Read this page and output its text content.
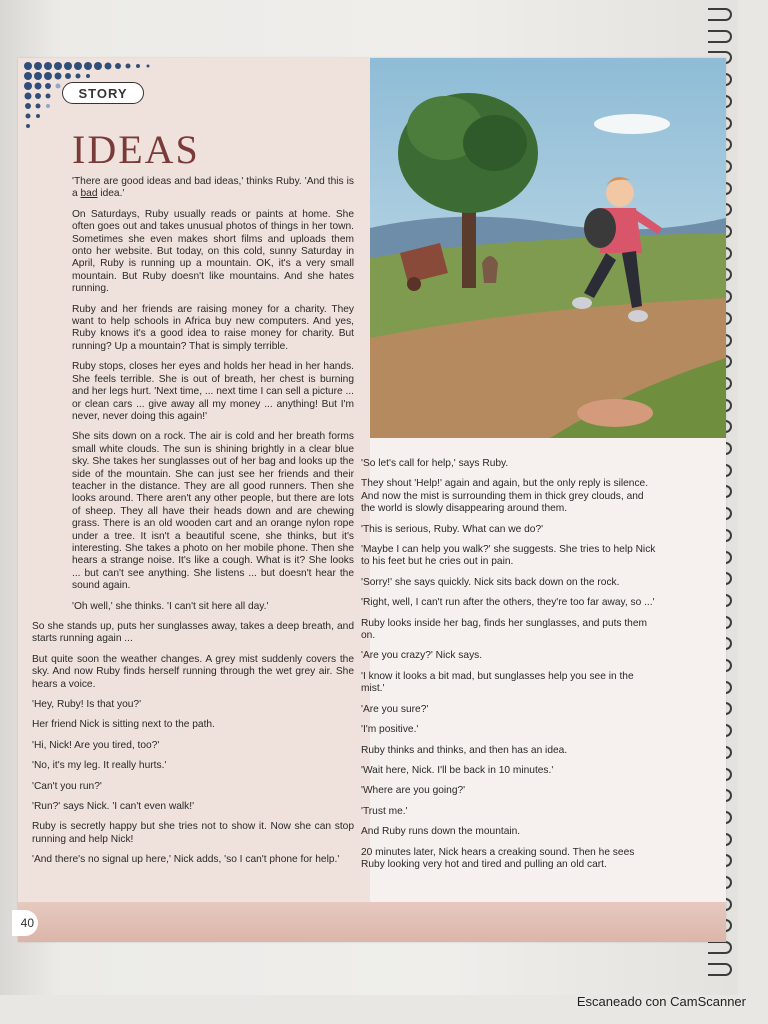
STORY
IDEAS

'There are good ideas and bad ideas,' thinks Ruby. 'And this is a bad idea.'

On Saturdays, Ruby usually reads or paints at home. She often goes out and takes unusual photos of things in her town. Sometimes she even makes short films and uploads them onto her website. But today, on this cold, sunny Saturday in April, Ruby is running up a mountain. OK, it's a very small mountain. But Ruby doesn't like mountains. And she hates running.

Ruby and her friends are raising money for a charity. They want to help schools in Africa buy new computers. And yes, Ruby knows it's a good idea to raise money for charity. But running? Up a mountain? That is simply terrible.

Ruby stops, closes her eyes and holds her head in her hands. She feels terrible. She is out of breath, her chest is burning and her legs hurt. 'Next time, ... next time I can sell a picture ... or clean cars ... give away all my money ... anything! But I'm never, never doing this again!'

She sits down on a rock. The air is cold and her breath forms small white clouds. The sun is shining brightly in a clear blue sky. She takes her sunglasses out of her bag and looks up the side of the mountain. She can just see her friends and their teacher in the distance. They are all good runners. Then she looks around. There aren't any other people, but there are lots of sheep. They all have their heads down and are chewing grass. There is an old wooden cart and an orange nylon rope under a tree. It isn't a beautiful scene, she thinks, but it's interesting. She takes a photo on her mobile phone. Then she hears a strange noise. It's like a cough. What is it? She looks ... but can't see anything. She listens ... but doesn't hear the sound again.

'Oh well,' she thinks. 'I can't sit here all day.'

So she stands up, puts her sunglasses away, takes a deep breath, and starts running again ...

But quite soon the weather changes. A grey mist suddenly covers the sky. And now Ruby finds herself running through the wet grey air. She hears a voice.

'Hey, Ruby! Is that you?'

Her friend Nick is sitting next to the path.

'Hi, Nick! Are you tired, too?'

'No, it's my leg. It really hurts.'

'Can't you run?'

'Run?' says Nick. 'I can't even walk!'

Ruby is secretly happy but she tries not to show it. Now she can stop running and help Nick!

'And there's no signal up here,' Nick adds, 'so I can't phone for help.'

'So let's call for help,' says Ruby.

They shout 'Help!' again and again, but the only reply is silence. And now the mist is surrounding them in thick grey clouds, and the world is slowly disappearing around them.

'This is serious, Ruby. What can we do?'

'Maybe I can help you walk?' she suggests. She tries to help Nick to his feet but he cries out in pain.

'Sorry!' she says quickly. Nick sits back down on the rock.

'Right, well, I can't run after the others, they're too far away, so ...'

Ruby looks inside her bag, finds her sunglasses, and puts them on.

'Are you crazy?' Nick says.

'I know it looks a bit mad, but sunglasses help you see in the mist.'

'Are you sure?'

'I'm positive.'

Ruby thinks and thinks, and then has an idea.

'Wait here, Nick. I'll be back in 10 minutes.'

'Where are you going?'

'Trust me.'

And Ruby runs down the mountain.

20 minutes later, Nick hears a creaking sound. Then he sees Ruby looking very hot and tired and pulling an old cart.

40
Escaneado con CamScanner
